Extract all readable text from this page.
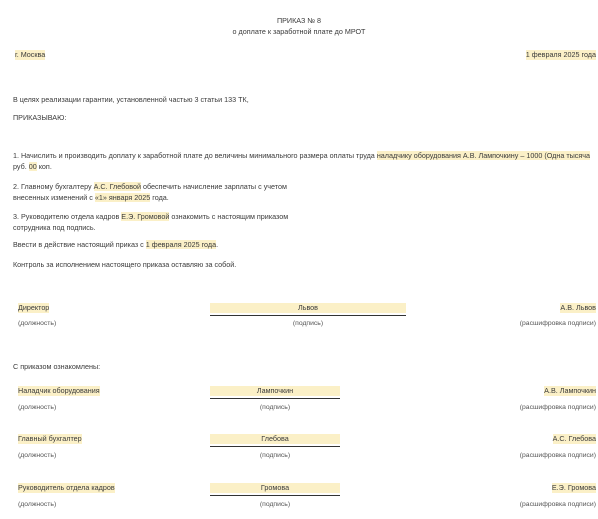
ПРИКАЗ № 8
о доплате к заработной плате до МРОТ
г. Москва	1 февраля 2025 года
В целях реализации гарантии, установленной частью 3 статьи 133 ТК,
ПРИКАЗЫВАЮ:
1. Начислить и производить доплату к заработной плате до величины минимального размера оплаты труда наладчику оборудования А.В. Лампочкину – 1000 (Одна тысяча
руб. 00 коп.
2. Главному бухгалтеру А.С. Глебовой обеспечить начисление зарплаты с учетом
внесенных изменений с «1» января 2025 года.
3. Руководителю отдела кадров Е.Э. Громовой ознакомить с настоящим приказом
сотрудника под подпись.
Ввести в действие настоящий приказ с 1 февраля 2025 года.
Контроль за исполнением настоящего приказа оставляю за собой.
Директор	Львов	А.В. Львов
(должность)	(подпись)	(расшифровка подписи)
С приказом ознакомлены:
Наладчик оборудования	Лампочкин	А.В. Лампочкин
(должность)	(подпись)	(расшифровка подписи)
Главный бухгалтер	Глебова	А.С. Глебова
(должность)	(подпись)	(расшифровка подписи)
Руководитель отдела кадров	Громова	Е.Э. Громова
(должность)	(подпись)	(расшифровка подписи)
